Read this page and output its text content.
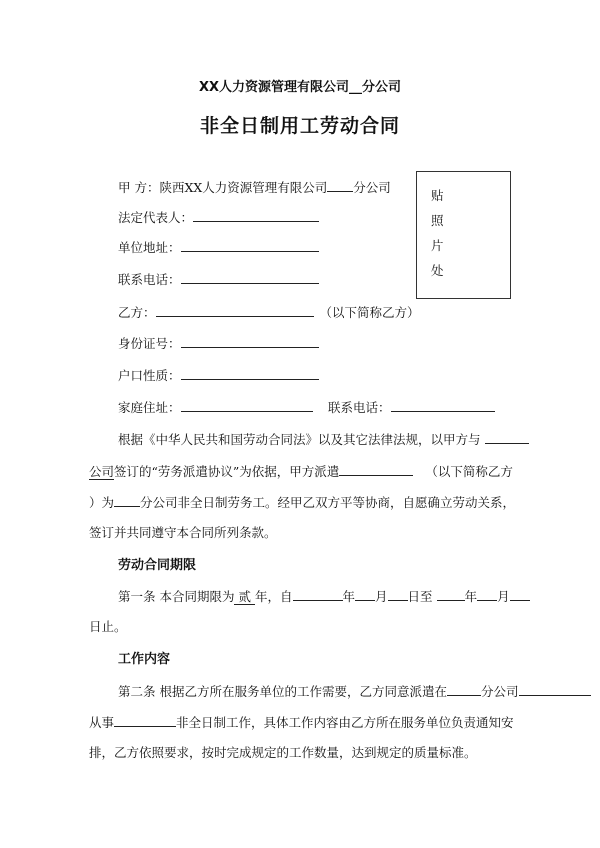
XX人力资源管理有限公司__分公司
非全日制用工劳动合同
甲 方：陕西XX人力资源管理有限公司 分公司
法定代表人：
单位地址：
联系电话：
贴
照
片
处
乙方：	（以下简称乙方）
身份证号：
户口性质：
家庭住址：	联系电话：
根据《中华人民共和国劳动合同法》以及其它法律法规，以甲方与
公司签订的“劳务派遣协议”为依据，甲方派遣	（以下简称乙方
）为 分公司非全日制劳务工。经甲乙双方平等协商，自愿确立劳动关系，
签订并共同遵守本合同所列条款。
劳动合同期限
第一条 本合同期限为 贰 年，自	年 月 日至	年 月
日止。
工作内容
第二条 根据乙方所在服务单位的工作需要，乙方同意派遣在	分公司
从事	非全日制工作，具体工作内容由乙方所在服务单位负责通知安
排，乙方依照要求，按时完成规定的工作数量，达到规定的质量标准。
